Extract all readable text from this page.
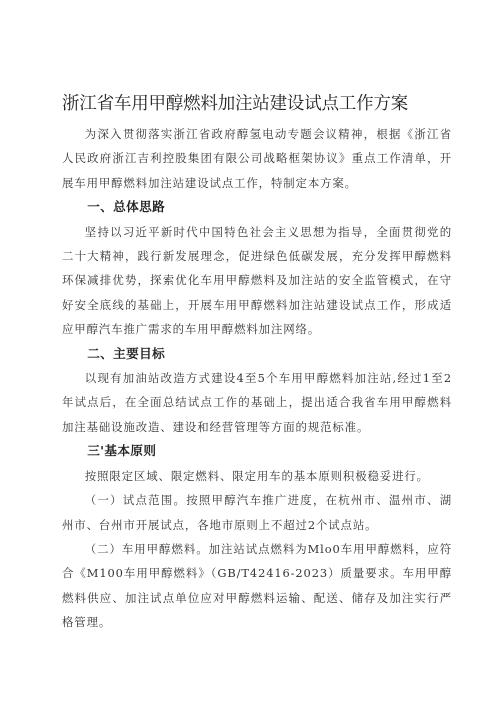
浙江省车用甲醇燃料加注站建设试点工作方案

为深入贯彻落实浙江省政府醇氢电动专题会议精神，根据《浙江省人民政府浙江吉利控股集团有限公司战略框架协议》重点工作清单，开展车用甲醇燃料加注站建设试点工作，特制定本方案。

一、总体思路

坚持以习近平新时代中国特色社会主义思想为指导，全面贯彻党的二十大精神，践行新发展理念，促进绿色低碳发展，充分发挥甲醇燃料环保减排优势，探索优化车用甲醇燃料及加注站的安全监管模式，在守好安全底线的基础上，开展车用甲醇燃料加注站建设试点工作，形成适应甲醇汽车推广需求的车用甲醇燃料加注网络。

二、主要目标

以现有加油站改造方式建设4至5个车用甲醇燃料加注站,经过1至2年试点后，在全面总结试点工作的基础上，提出适合我省车用甲醇燃料加注基础设施改造、建设和经营管理等方面的规范标准。

三'基本原则

按照限定区域、限定燃料、限定用车的基本原则积极稳妥进行。

（一）试点范围。按照甲醇汽车推广进度，在杭州市、温州市、湖州市、台州市开展试点，各地市原则上不超过2个试点站。

（二）车用甲醇燃料。加注站试点燃料为Mlo0车用甲醇燃料，应符合《M100车用甲醇燃料》（GB/T42416-2023）质量要求。车用甲醇燃料供应、加注试点单位应对甲醇燃料运输、配送、储存及加注实行严格管理。
